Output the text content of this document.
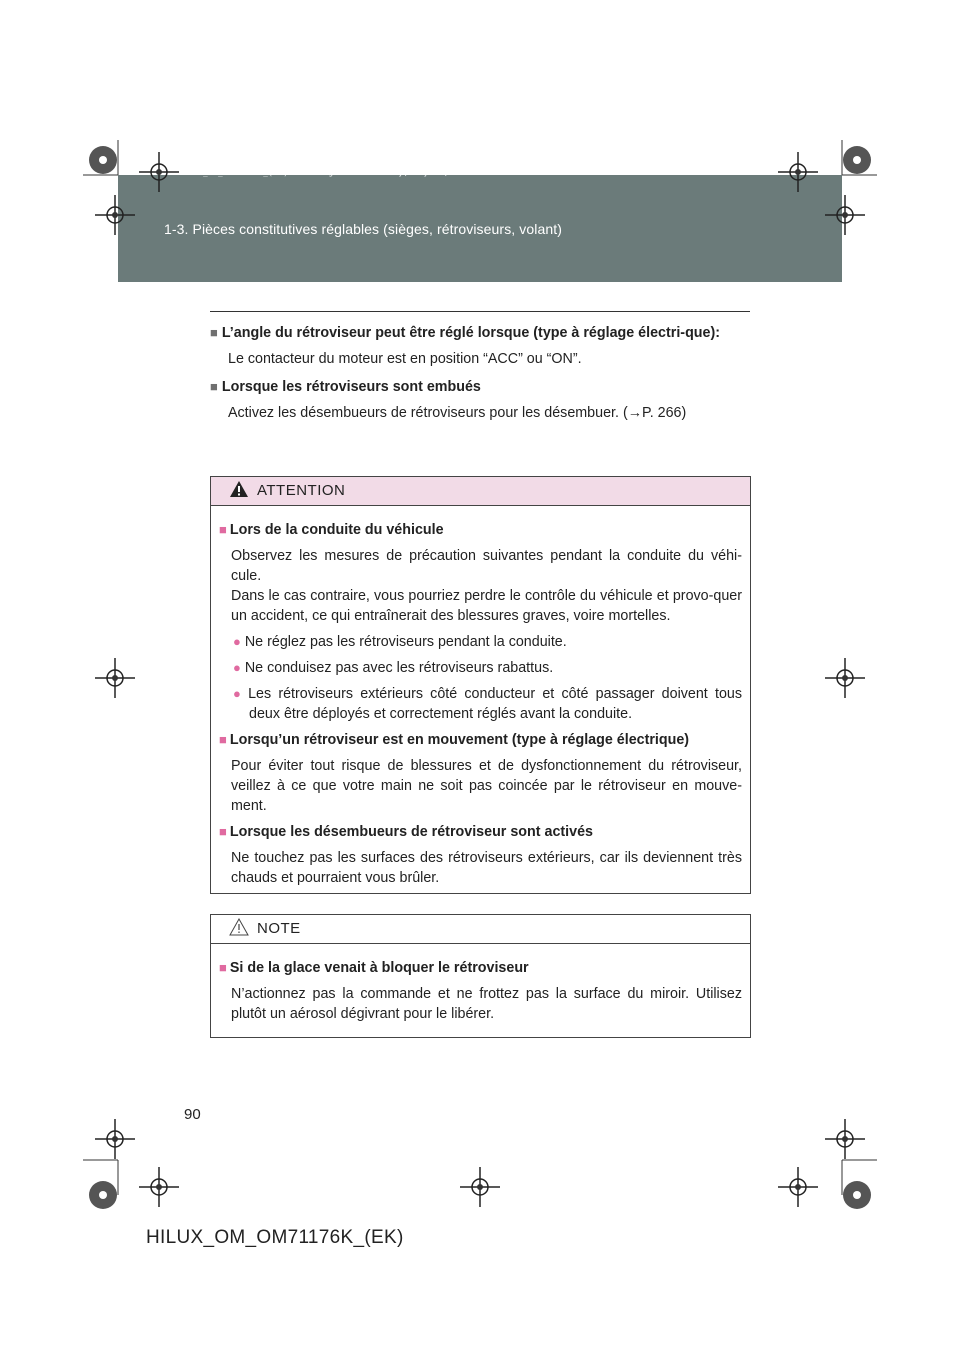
HILUX_OM_OM71176K_(EK).book Page 90 Wednesday, May 16, 2012 2:32 PM
1-3. Pièces constitutives réglables (sièges, rétroviseurs, volant)
■ L’angle du rétroviseur peut être réglé lorsque (type à réglage électri-que):
Le contacteur du moteur est en position “ACC” ou “ON”.
■ Lorsque les rétroviseurs sont embués
Activez les désembueurs de rétroviseurs pour les désembuer. (→P. 266)
ATTENTION
■ Lors de la conduite du véhicule
Observez les mesures de précaution suivantes pendant la conduite du véhi-cule.
Dans le cas contraire, vous pourriez perdre le contrôle du véhicule et provo-quer un accident, ce qui entraînerait des blessures graves, voire mortelles.
● Ne réglez pas les rétroviseurs pendant la conduite.
● Ne conduisez pas avec les rétroviseurs rabattus.
● Les rétroviseurs extérieurs côté conducteur et côté passager doivent tous deux être déployés et correctement réglés avant la conduite.
■ Lorsqu’un rétroviseur est en mouvement (type à réglage électrique)
Pour éviter tout risque de blessures et de dysfonctionnement du rétroviseur, veillez à ce que votre main ne soit pas coincée par le rétroviseur en mouve-ment.
■ Lorsque les désembueurs de rétroviseur sont activés
Ne touchez pas les surfaces des rétroviseurs extérieurs, car ils deviennent très chauds et pourraient vous brûler.
NOTE
■ Si de la glace venait à bloquer le rétroviseur
N’actionnez pas la commande et ne frottez pas la surface du miroir. Utilisez plutôt un aérosol dégivrant pour le libérer.
90
HILUX_OM_OM71176K_(EK)
